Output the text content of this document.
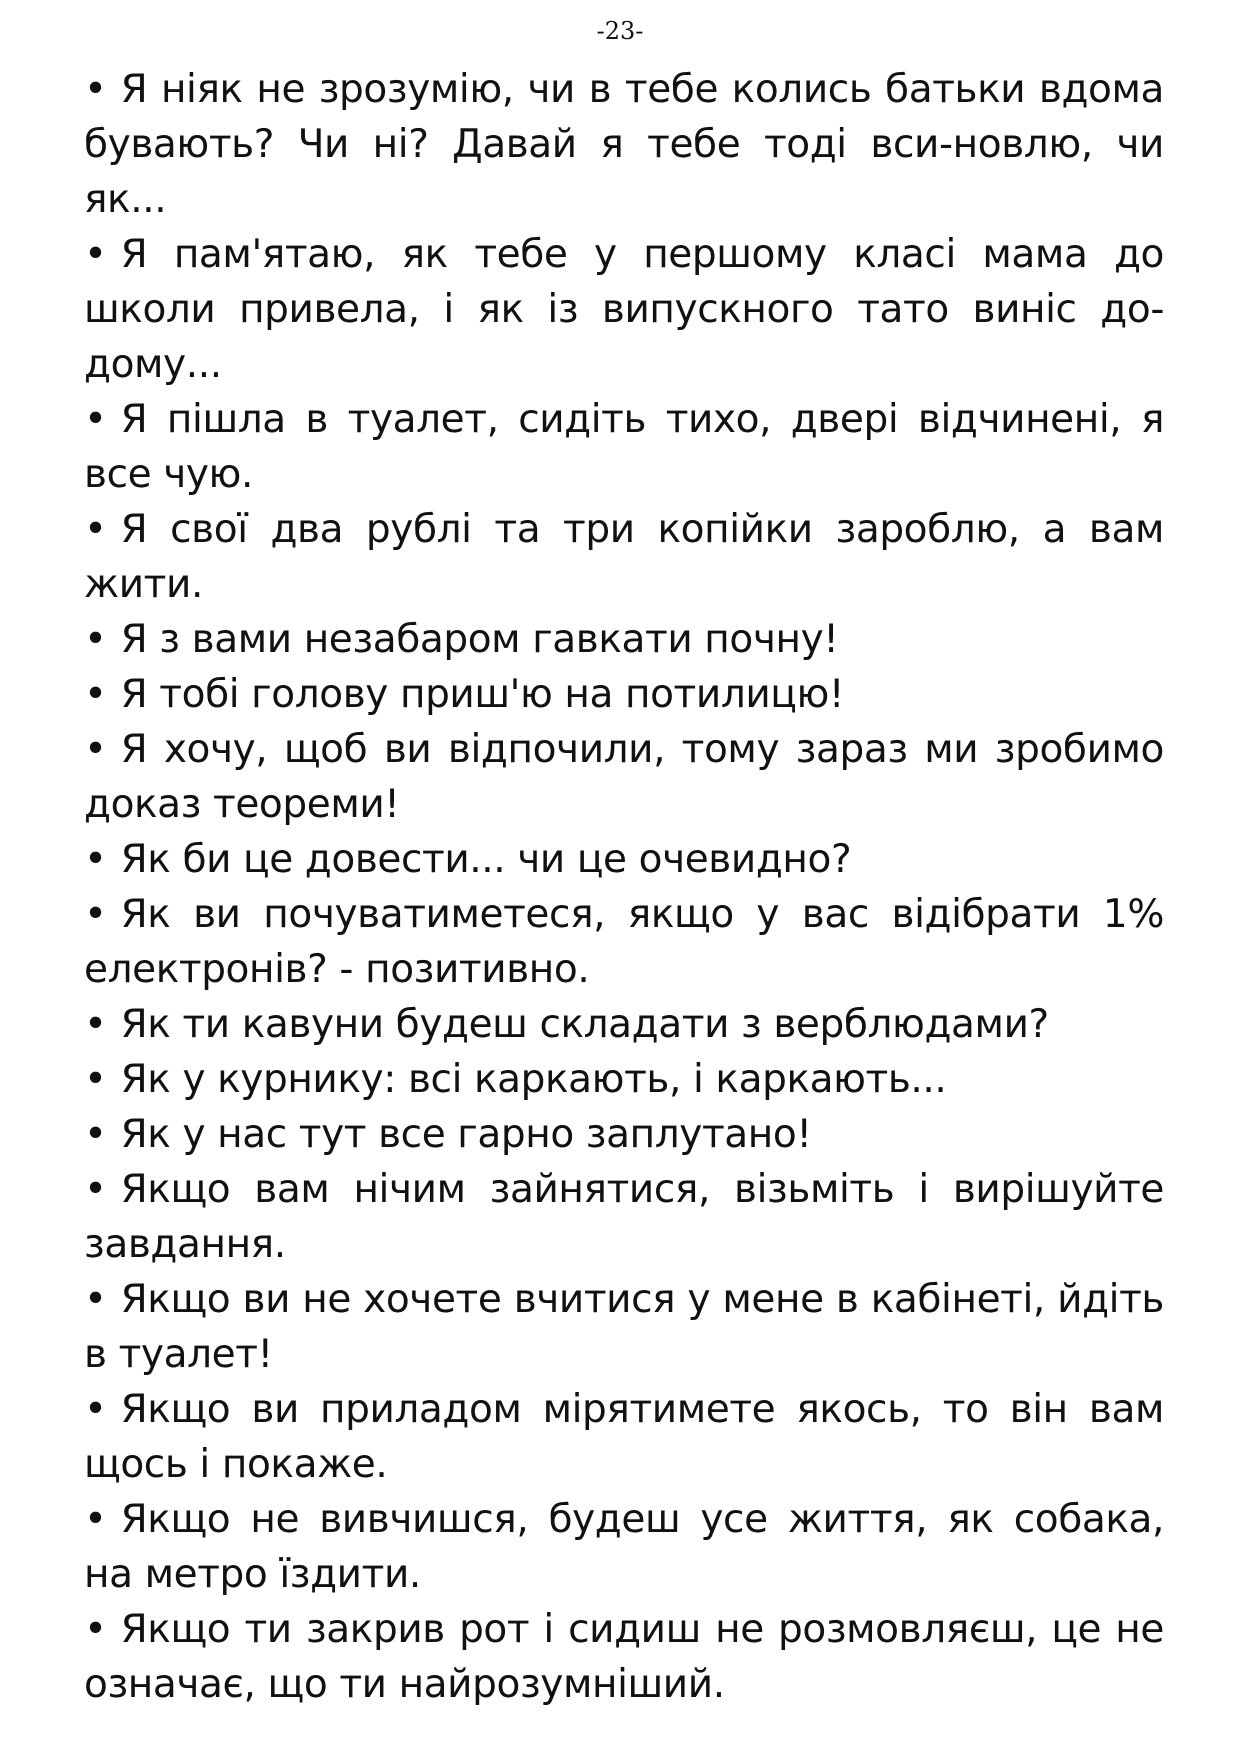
-23-
• Я ніяк не зрозумію, чи в тебе колись батьки вдома бувають? Чи ні? Давай я тебе тоді вси-новлю, чи як...
• Я пам'ятаю, як тебе у першому класі мама до школи привела, і як із випускного тато виніс до-дому...
• Я пішла в туалет, сидіть тихо, двері відчинені, я все чую.
• Я свої два рублі та три копійки зароблю, а вам жити.
• Я з вами незабаром гавкати почну!
• Я тобі голову приш'ю на потилицю!
• Я хочу, щоб ви відпочили, тому зараз ми зробимо доказ теореми!
• Як би це довести... чи це очевидно?
• Як ви почуватиметеся, якщо у вас відібрати 1% електронів? - позитивно.
• Як ти кавуни будеш складати з верблюдами?
• Як у курнику: всі каркають, і каркають...
• Як у нас тут все гарно заплутано!
• Якщо вам нічим зайнятися, візьміть і вирішуйте завдання.
• Якщо ви не хочете вчитися у мене в кабінеті, йдіть в туалет!
• Якщо ви приладом мірятимете якось, то він вам щось і покаже.
• Якщо не вивчишся, будеш усе життя, як собака, на метро їздити.
• Якщо ти закрив рот і сидиш не розмовляєш, це не означає, що ти найрозумніший.
